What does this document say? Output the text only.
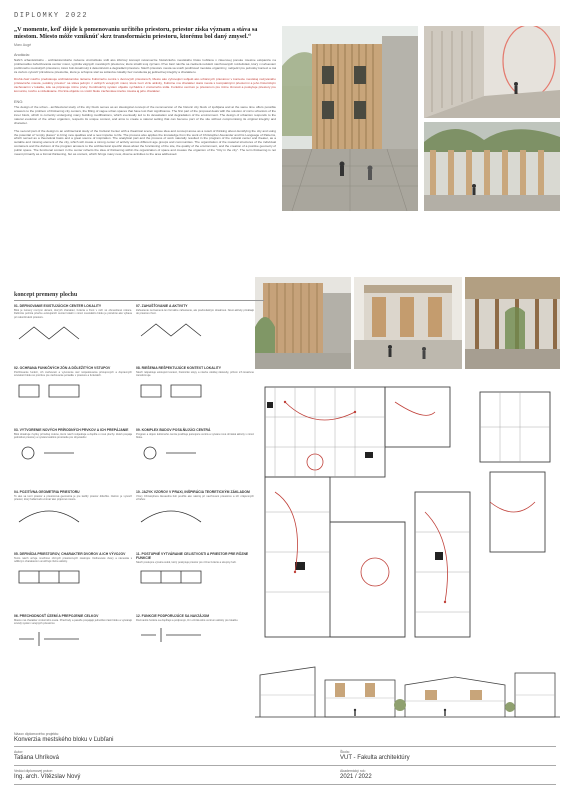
DIPLOMKY 2022
„V momente, keď dôjde k pomenovaniu určitého priestoru, priestor získa význam a stáva sa miestom. Miesto môže vzniknúť skrz transformáciu priestoru, ktorému bol daný zmysel.“
Marc Augé
Anotácia:
Náhrň urbanistického - architektonického riešenie vnútrobloku sídli ako kľúčový koncept rekonverzie historického mestského bloku Ľubľana v záverovej ponuke miestne eskpanzie na problematiku zahušťovania centier miest, vyplnila vágnych mestských priestorov, ktoré stratili svoj význam. Prvé časť návrhu sa zaoberá redukcii navrhovaných rozdelistiek, ktorý v nahuovaní pozitívneho mestských priestorov, ktoré boli dosahnutý k dekontrukcii a degradácii priestoru. Návrh priestoru mesta sa snaží posilňovať mestske organizmy, nebjedcí pre jednotky kontext a má za cieľom vytvoriť prirodzene priestorite, ktoré je schopné stať sa súčasťou lokality bez narušenia jej jedinečnej integrity a charakteru.
Druhá časť návrhu predstavuje architektonické riešenie Kultúrneho centra v dvorových priestoroch, Mesto ako vyhovujúci subjekt ako urbánnych priestorov v kontexte mestskej nazývaného prístavného miesta „Lokálny priestor“ sa stáva jedným z veľkých verejných miest, ktoré tvorí víziu aktivity, Kultúrne ma charakter stará mesta s kompaktnými priestormi a jeho historickým zachovaním v lokalite, kde sa pripravuje rôzne prvky. Konštrukčný systém objektu vychádza z vnútorného sídla. Funkčné centrum je priestorom pre rôzne činnosti a poskytuje priestory pre komunitu, tvorbu a vzdelávanie. Pozícia objektu vo vnútri bloku zachováva mierku miesta aj jeho charakter.
ENG:
The design of the urban - architectural study of the city block serves as an ideological concept of the reconversion of the historic city block of Ljubljana and at the same time offers possible answers to the problem of thickening city centers, the filling of vague urban spaces that have lost their significance. The first part of the proposal deals with the solution of micro urbanism of the inner block, which is currently undergoing many building modifications, which eventually led to its devastation and degradation of the environment. The design of urbanism responds to the natural evolution of the urban organism, respects its unique context, and aims to create a natural setting that can become part of the site without compromising its original integrity and character.
The second part of the design is an architectural study of the Cultural Center with a theatrical scene, whose idea and concept arose as a result of thinking about densifying the city and using the potential of "empty places" to bring new qualities and a new impulse to life. The process also applies the knowledge from the work of Christopher Alexander and his Language of Patterns, which served as a theoretical basis and a great source of inspiration. The analytical part and the process of work naturally resulted in the program of the cultural center and theater, as a suitable and missing element of the city, which will create a strong center of activity across different age groups and communities. The organization of the material structures of the individual containers and the division of the program answers to the architectural specific ideas about the functioning of the site, the quality of the environment, and the creation of a positive geometry of public space. The functional content in the center reflects the idea of thickening within the organization of space and creates the organism of the "City in the city". The term thickening is not meant primarily as a formal thickening, but as content, which brings many new, diverse activities to the area addressed.
koncept premeny plochu
01. DEFINOVANIE EXISTUJÚCICH CENTER LOKALITY
Blok je tvorený rovnými ulicami, ktorých charakter, funkcia a život v nich sú obmedzené rokúce. Definície pozícia priečne existujúcich centier lokalít v rámci mestského bloku je potrebné ako výbava pri rekonštrukcii priestoru.
02. OCHRANA FUNKČNÝCH ZÓN A DÔLEŽITÝCH VSTUPOV
Pozičiovanie funkcií, ich zachovaní a vytvorenie sieť rešpektovania prístupových a dopravných súvislostí bloku sú prioritou pre zachovanie poriadku v priestore a funkciách.
03. VYTVORENIE NOVÝCH PRÍRODNÝCH PRVKOV A ICH PREPÁJANIE
Blok obsahuje zvyšky prírodnej zelene, ktorú návrh rešpektuje a dopĺňa o nové plochy. Zeleň prepája jednotlivé priestory a vytvára kvalitné prostredie pre obyvateľov.
04. POZITÍVNA GEOMETRIA PRIESTORU
To ako sa tvorí priestor a priestorová geometria je pre každý priestor dôležitá. Cieľom je vytvoriť priestor, ktorý ľudia budú vnímať ako príjemné miesto.
05. DEFINÍCIA PRIESTOROV, CHARAKTER DVOROV A ICH VÝVOJOV
Tento návrh určuje množstvo rôznych priestorových nástrojov. Definované dvory a námestia s odlišným charakterom umožňujú rôzne aktivity.
06. PRECHODNOSŤ ÚZEMÍ A PREPOJENIE CELKOV
Miesto má charakter vnútorného sveta. Priechody a pasáže prepájajú jednotlivé časti bloku a vytvárajú súvislý systém verejných priestorov.
07. ZAHUŠŤOVANIE A AKTIVITY
Zahustenie neznamená len formálne zahustenie, ale predovšetkým obsahové. Nové aktivity prinášajú do priestoru život.
08. RIEŠENIA REŠPEKTUJÚCE KONTEXT LOKALITY
Návrh rešpektuje existujúci kontext, historické stopy a mierku okolitej zástavby, pričom ich kreatívne transformuje.
09. KOMPLEX BUDOV POSILŇUJÚCI CENTRÁ
Program a objem kultúrneho centra posilňuje jestvujúce centrá a vytvára nové ohniská aktivity v rámci bloku.
10. JAZYK VZOROV V PRAXI, INŠPIRÁCIA TEORETICKÝM ZÁKLADOM
Vzory Christophera Alexandra boli použité ako nástroj pri navrhovaní priestorov a ich vzájomných vzťahov.
11. POSTUPNÉ VYTVÁRANIE CELISTVOSTI A PRIESTOR PRE RÔZNE FUNKCIE
Návrh postupne vytvára celok, ktorý poskytuje priestor pre rôzne funkcie a skupiny ľudí.
12. FUNKCIE PODPORUJÚCE SA NAVZÁJOM
Rozmanité funkcie sa dopĺňajú a podporujú, čím vzniká silné centrum aktivity pre lokalitu.
Názov diplomového projektu:
Konverzia mestského bloku v Ľubľani
Autor:
Tatiana Uhríková
Škola:
VUT - Fakulta architektúry
Vedúci diplomovej práce:
Ing. arch. Vítězslav Nový
Akademický rok:
2021 / 2022
